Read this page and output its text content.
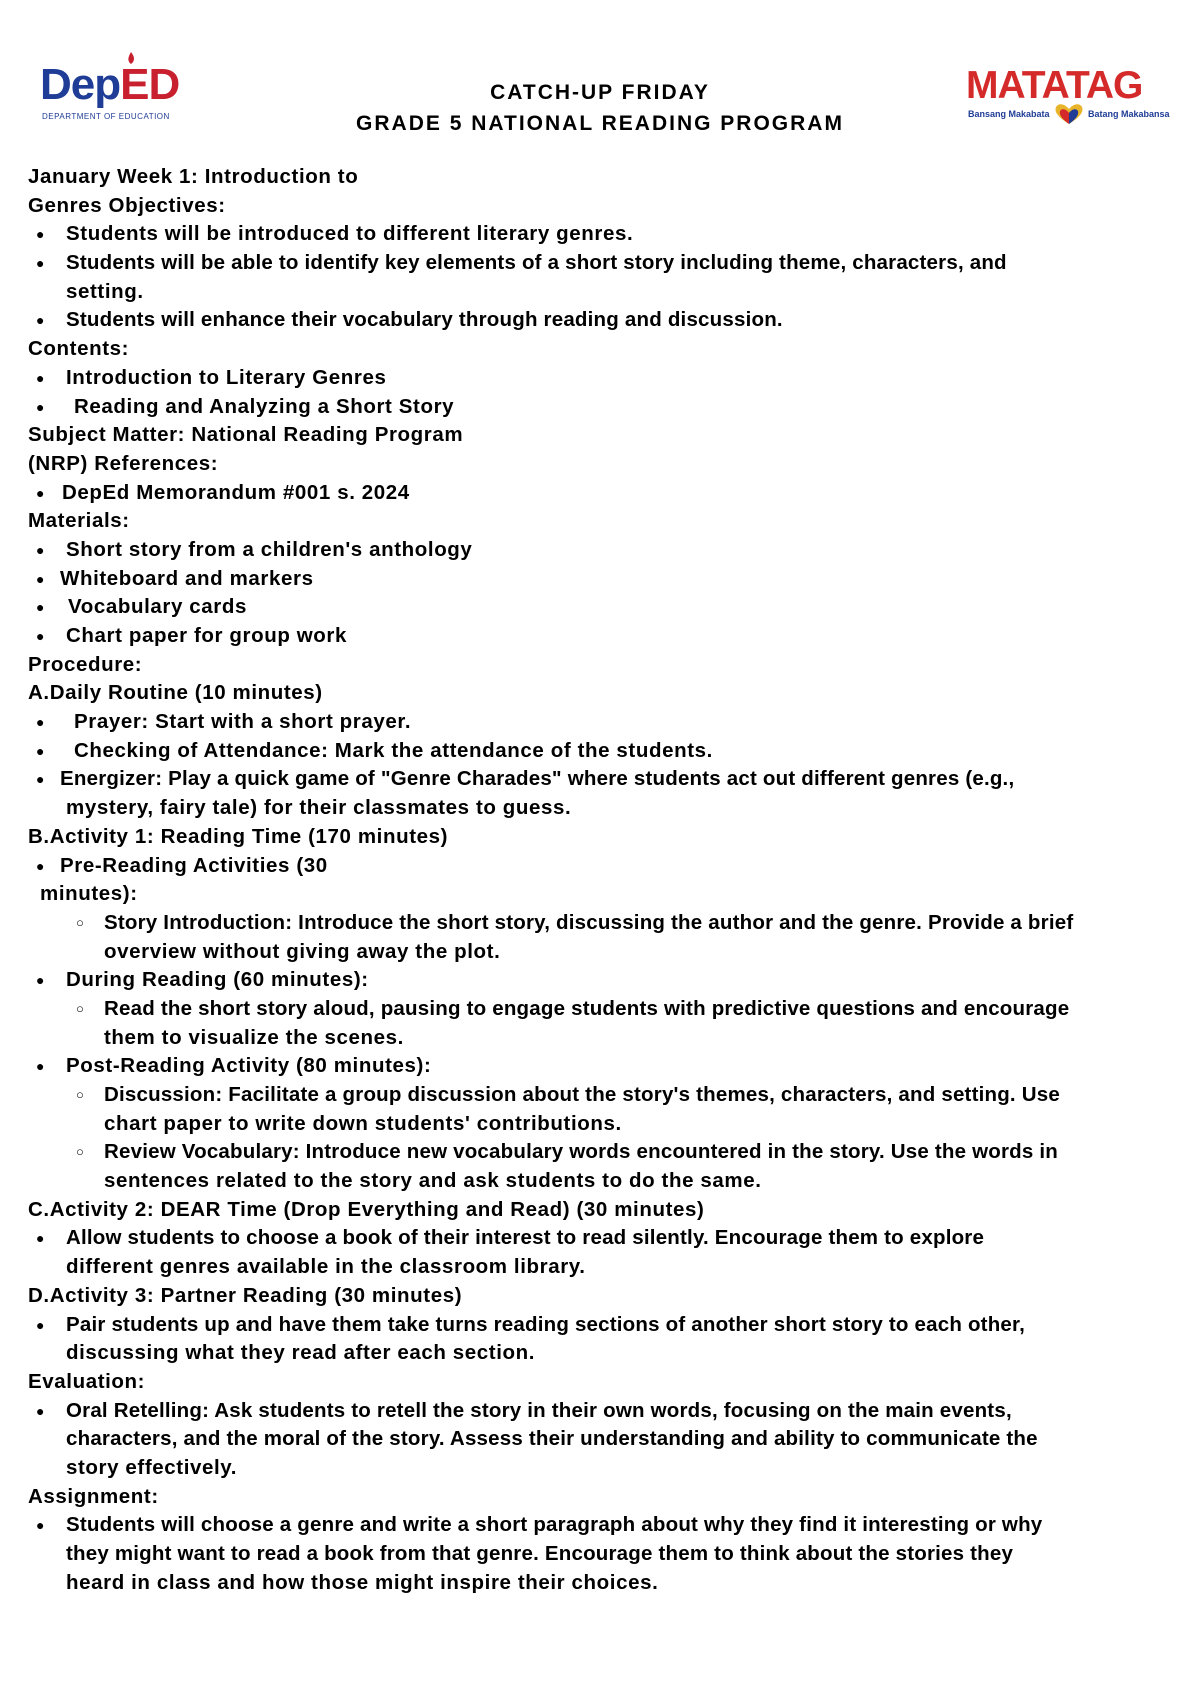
DepED
DEPARTMENT OF EDUCATION
CATCH-UP FRIDAY
GRADE 5 NATIONAL READING PROGRAM
MATATAG
Bansang Makabata	Batang Makabansa
January Week 1: Introduction to
Genres Objectives:
● Students will be introduced to different literary genres.
● Students will be able to identify key elements of a short story including theme, characters, and
setting.
● Students will enhance their vocabulary through reading and discussion.
Contents:
● Introduction to Literary Genres
● Reading and Analyzing a Short Story
Subject Matter: National Reading Program
(NRP) References:
● DepEd Memorandum #001 s. 2024
Materials:
● Short story from a children's anthology
● Whiteboard and markers
● Vocabulary cards
● Chart paper for group work
Procedure:
A.Daily Routine (10 minutes)
● Prayer: Start with a short prayer.
● Checking of Attendance: Mark the attendance of the students.
● Energizer: Play a quick game of "Genre Charades" where students act out different genres (e.g.,
mystery, fairy tale) for their classmates to guess.
B.Activity 1: Reading Time (170 minutes)
● Pre-Reading Activities (30
minutes):
○ Story Introduction: Introduce the short story, discussing the author and the genre. Provide a brief
overview without giving away the plot.
● During Reading (60 minutes):
○ Read the short story aloud, pausing to engage students with predictive questions and encourage
them to visualize the scenes.
● Post-Reading Activity (80 minutes):
○ Discussion: Facilitate a group discussion about the story's themes, characters, and setting. Use
chart paper to write down students' contributions.
○ Review Vocabulary: Introduce new vocabulary words encountered in the story. Use the words in
sentences related to the story and ask students to do the same.
C.Activity 2: DEAR Time (Drop Everything and Read) (30 minutes)
● Allow students to choose a book of their interest to read silently. Encourage them to explore
different genres available in the classroom library.
D.Activity 3: Partner Reading (30 minutes)
● Pair students up and have them take turns reading sections of another short story to each other,
discussing what they read after each section.
Evaluation:
● Oral Retelling: Ask students to retell the story in their own words, focusing on the main events,
characters, and the moral of the story. Assess their understanding and ability to communicate the
story effectively.
Assignment:
● Students will choose a genre and write a short paragraph about why they find it interesting or why
they might want to read a book from that genre. Encourage them to think about the stories they
heard in class and how those might inspire their choices.
